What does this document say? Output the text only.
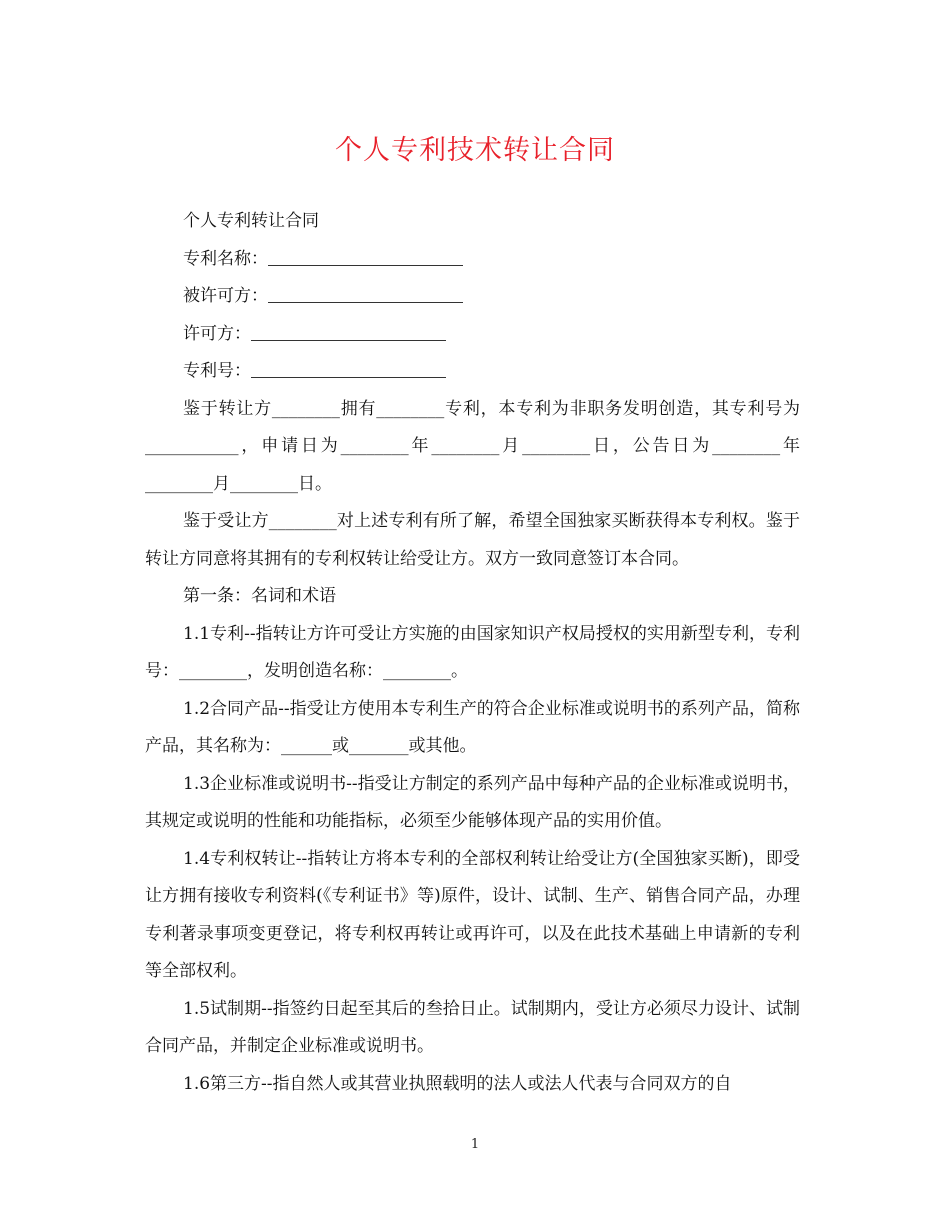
个人专利技术转让合同

个人专利转让合同

专利名称：

被许可方：

许可方：

专利号：

鉴于转让方________拥有________专利，本专利为非职务发明创造，其专利号为___________，申请日为________年________月________日，公告日为________年________月________日。

鉴于受让方________对上述专利有所了解，希望全国独家买断获得本专利权。鉴于转让方同意将其拥有的专利权转让给受让方。双方一致同意签订本合同。

第一条：名词和术语

1.1专利--指转让方许可受让方实施的由国家知识产权局授权的实用新型专利，专利号：________，发明创造名称：________。

1.2合同产品--指受让方使用本专利生产的符合企业标准或说明书的系列产品，简称产品，其名称为：______或_______或其他。

1.3企业标准或说明书--指受让方制定的系列产品中每种产品的企业标准或说明书，其规定或说明的性能和功能指标，必须至少能够体现产品的实用价值。

1.4专利权转让--指转让方将本专利的全部权利转让给受让方(全国独家买断)，即受让方拥有接收专利资料(《专利证书》等)原件，设计、试制、生产、销售合同产品，办理专利著录事项变更登记，将专利权再转让或再许可，以及在此技术基础上申请新的专利等全部权利。

1.5试制期--指签约日起至其后的叁拾日止。试制期内，受让方必须尽力设计、试制合同产品，并制定企业标准或说明书。

1.6第三方--指自然人或其营业执照载明的法人或法人代表与合同双方的自

1
